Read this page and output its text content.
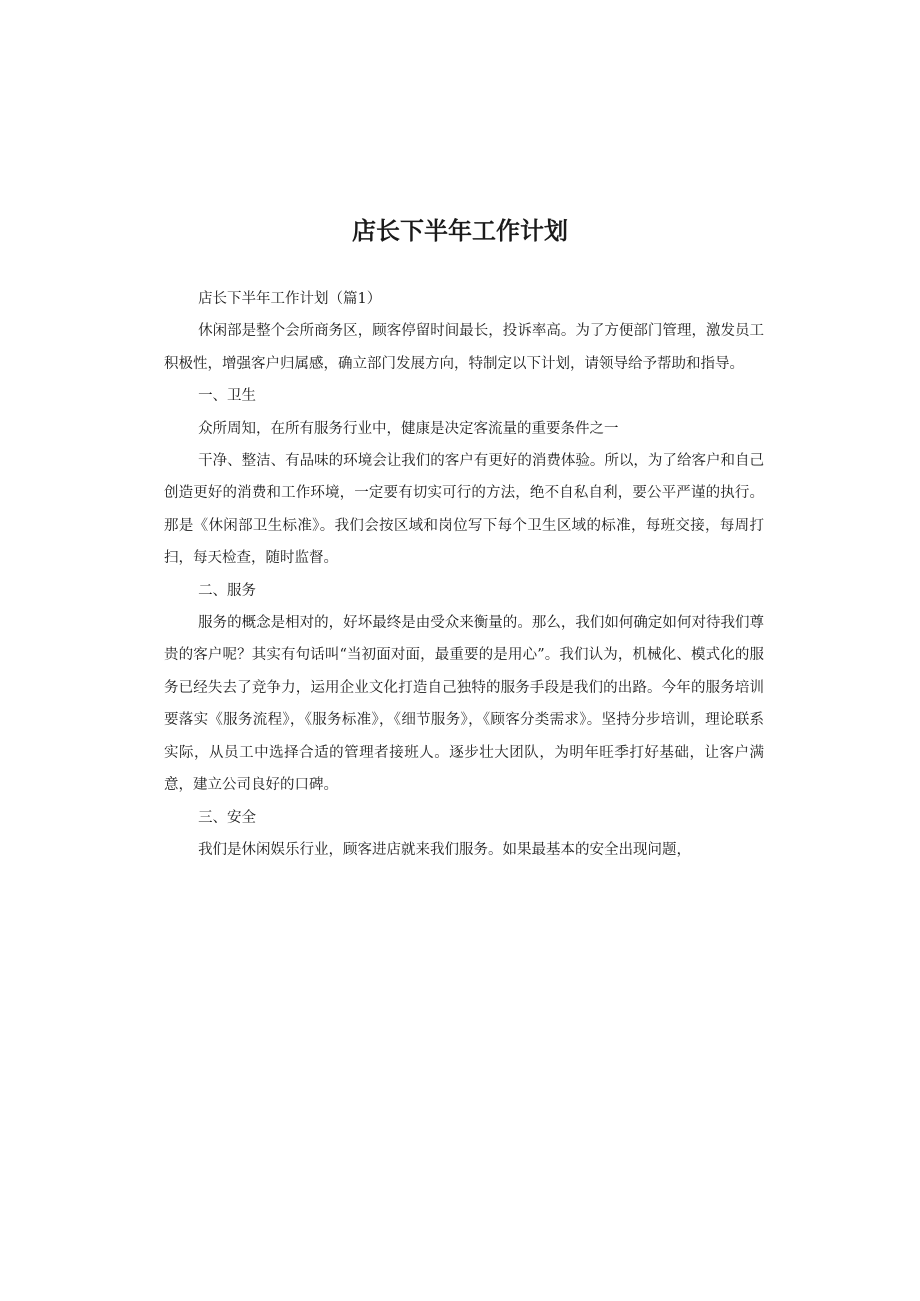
店长下半年工作计划

店长下半年工作计划（篇1）

休闲部是整个会所商务区，顾客停留时间最长，投诉率高。为了方便部门管理，激发员工积极性，增强客户归属感，确立部门发展方向，特制定以下计划，请领导给予帮助和指导。

一、卫生

众所周知，在所有服务行业中，健康是决定客流量的重要条件之一

干净、整洁、有品味的环境会让我们的客户有更好的消费体验。所以，为了给客户和自己创造更好的消费和工作环境，一定要有切实可行的方法，绝不自私自利，要公平严谨的执行。那是《休闲部卫生标准》。我们会按区域和岗位写下每个卫生区域的标准，每班交接，每周打扫，每天检查，随时监督。

二、服务

服务的概念是相对的，好坏最终是由受众来衡量的。那么，我们如何确定如何对待我们尊贵的客户呢？其实有句话叫“当初面对面，最重要的是用心”。我们认为，机械化、模式化的服务已经失去了竞争力，运用企业文化打造自己独特的服务手段是我们的出路。今年的服务培训要落实《服务流程》，《服务标准》，《细节服务》，《顾客分类需求》。坚持分步培训，理论联系实际，从员工中选择合适的管理者接班人。逐步壮大团队，为明年旺季打好基础，让客户满意，建立公司良好的口碑。

三、安全

我们是休闲娱乐行业，顾客进店就来我们服务。如果最基本的安全出现问题，
